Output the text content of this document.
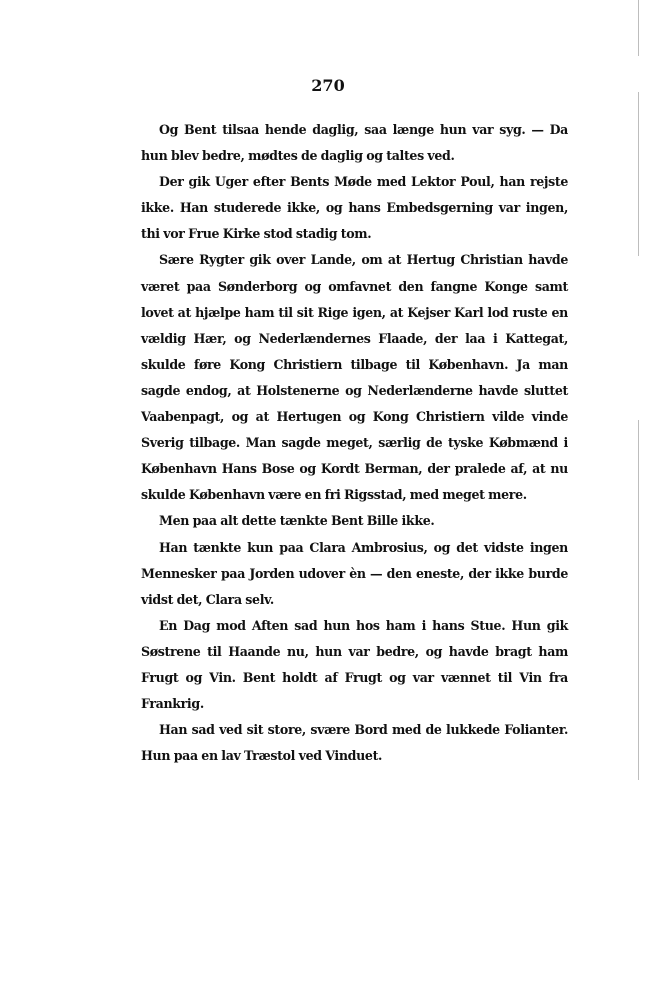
270

Og Bent tilsaa hende daglig, saa længe hun var syg. — Da hun blev bedre, mødtes de daglig og taltes ved.

Der gik Uger efter Bents Møde med Lektor Poul, han rejste ikke. Han studerede ikke, og hans Embedsgerning var ingen, thi vor Frue Kirke stod stadig tom.

Sære Rygter gik over Lande, om at Hertug Christian havde været paa Sønderborg og omfavnet den fangne Konge samt lovet at hjælpe ham til sit Rige igen, at Kejser Karl lod ruste en vældig Hær, og Nederlændernes Flaade, der laa i Kattegat, skulde føre Kong Christiern tilbage til København. Ja man sagde endog, at Holstenerne og Nederlænderne havde sluttet Vaabenpagt, og at Hertugen og Kong Christiern vilde vinde Sverig tilbage. Man sagde meget, særlig de tyske Købmænd i København Hans Bose og Kordt Berman, der pralede af, at nu skulde København være en fri Rigsstad, med meget mere.

Men paa alt dette tænkte Bent Bille ikke.

Han tænkte kun paa Clara Ambrosius, og det vidste ingen Mennesker paa Jorden udover èn — den eneste, der ikke burde vidst det, Clara selv.

En Dag mod Aften sad hun hos ham i hans Stue. Hun gik Søstrene til Haande nu, hun var bedre, og havde bragt ham Frugt og Vin. Bent holdt af Frugt og var vænnet til Vin fra Frankrig.

Han sad ved sit store, svære Bord med de lukkede Folianter. Hun paa en lav Træstol ved Vinduet.
